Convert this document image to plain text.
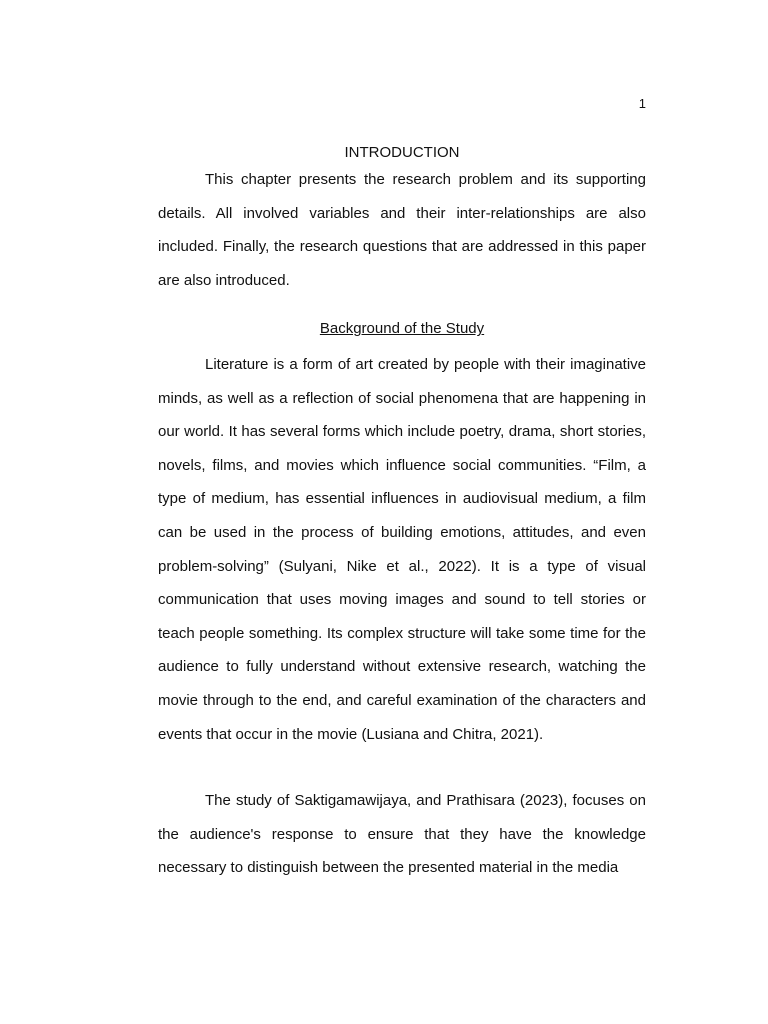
1
INTRODUCTION

This chapter presents the research problem and its supporting details. All involved variables and their inter-relationships are also included. Finally, the research questions that are addressed in this paper are also introduced.

Background of the Study

Literature is a form of art created by people with their imaginative minds, as well as a reflection of social phenomena that are happening in our world. It has several forms which include poetry, drama, short stories, novels, films, and movies which influence social communities. “Film, a type of medium, has essential influences in audiovisual medium, a film can be used in the process of building emotions, attitudes, and even problem-solving” (Sulyani, Nike et al., 2022). It is a type of visual communication that uses moving images and sound to tell stories or teach people something. Its complex structure will take some time for the audience to fully understand without extensive research, watching the movie through to the end, and careful examination of the characters and events that occur in the movie (Lusiana and Chitra, 2021).

The study of Saktigamawijaya, and Prathisara (2023), focuses on the audience's response to ensure that they have the knowledge necessary to distinguish between the presented material in the media
